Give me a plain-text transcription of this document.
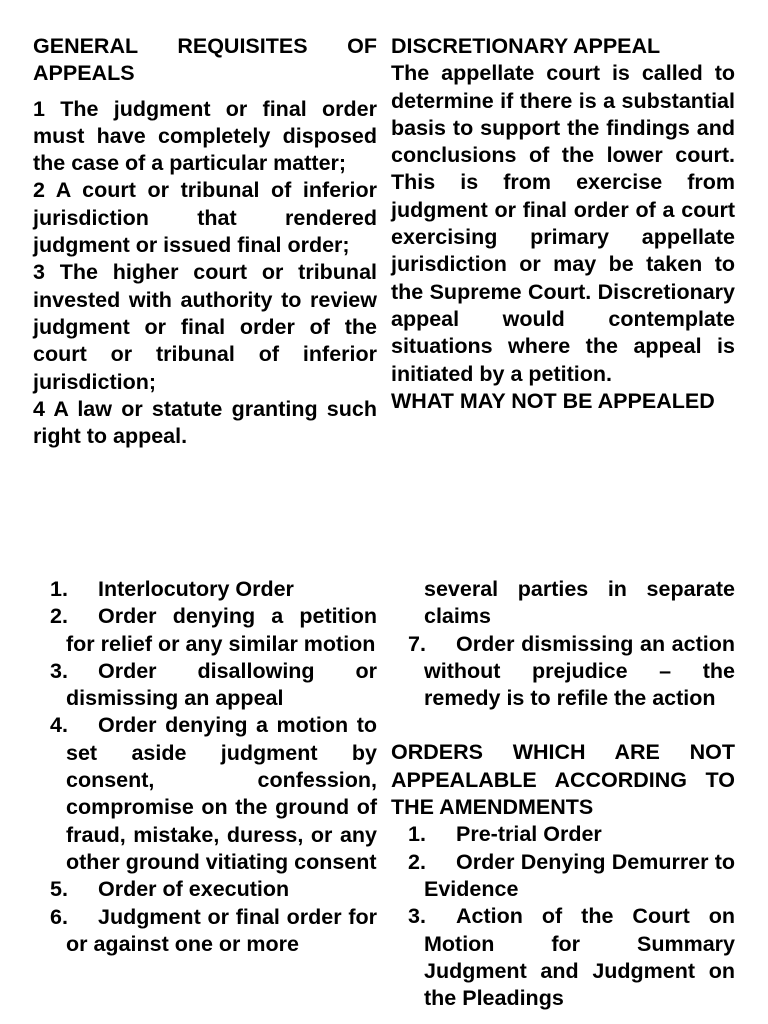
GENERAL REQUISITES OF
APPEALS

1 The judgment or final order must have completely disposed the case of a particular matter;

2 A court or tribunal of inferior jurisdiction that rendered judgment or issued final order;

3 The higher court or tribunal invested with authority to review judgment or final order of the court or tribunal of inferior jurisdiction;

4 A law or statute granting such right to appeal.

DISCRETIONARY APPEAL

The appellate court is called to determine if there is a substantial basis to support the findings and conclusions of the lower court. This is from exercise from judgment or final order of a court exercising primary appellate jurisdiction or may be taken to the Supreme Court. Discretionary appeal would contemplate situations where the appeal is initiated by a petition.

WHAT MAY NOT BE APPEALED

1.	Interlocutory Order
2.	Order denying a petition for relief or any similar motion
3.	Order disallowing or dismissing an appeal
4.	Order denying a motion to set aside judgment by consent, confession, compromise on the ground of fraud, mistake, duress, or any other ground vitiating consent
5.	Order of execution
6.	Judgment or final order for or against one or more

several parties in separate claims

7.	Order dismissing an action without prejudice – the remedy is to refile the action

ORDERS WHICH ARE NOT APPEALABLE ACCORDING TO THE AMENDMENTS

1.	Pre-trial Order
2.	Order Denying Demurrer to Evidence
3.	Action of the Court on Motion for Summary Judgment and Judgment on the Pleadings
